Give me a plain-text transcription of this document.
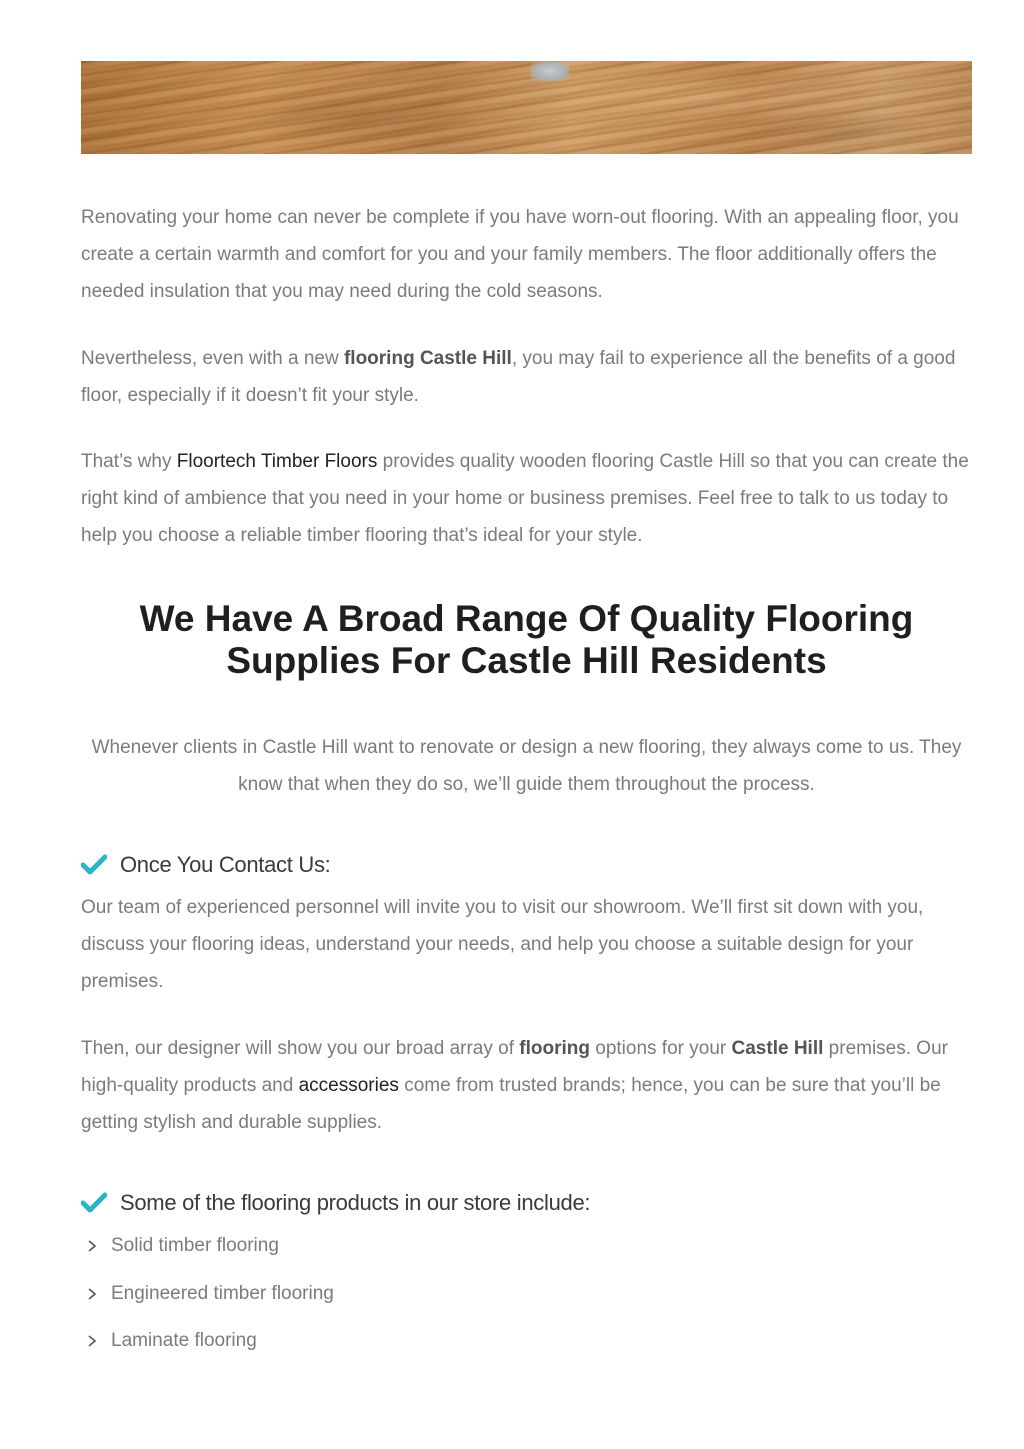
Renovating your home can never be complete if you have worn-out flooring. With an appealing floor, you create a certain warmth and comfort for you and your family members. The floor additionally offers the needed insulation that you may need during the cold seasons.

Nevertheless, even with a new flooring Castle Hill, you may fail to experience all the benefits of a good floor, especially if it doesn’t fit your style.

That’s why Floortech Timber Floors provides quality wooden flooring Castle Hill so that you can create the right kind of ambience that you need in your home or business premises. Feel free to talk to us today to help you choose a reliable timber flooring that’s ideal for your style.

We Have A Broad Range Of Quality Flooring Supplies For Castle Hill Residents

Whenever clients in Castle Hill want to renovate or design a new flooring, they always come to us. They know that when they do so, we’ll guide them throughout the process.

Once You Contact Us:

Our team of experienced personnel will invite you to visit our showroom. We’ll first sit down with you, discuss your flooring ideas, understand your needs, and help you choose a suitable design for your premises.

Then, our designer will show you our broad array of flooring options for your Castle Hill premises. Our high-quality products and accessories come from trusted brands; hence, you can be sure that you’ll be getting stylish and durable supplies.

Some of the flooring products in our store include:
Solid timber flooring
Engineered timber flooring
Laminate flooring
